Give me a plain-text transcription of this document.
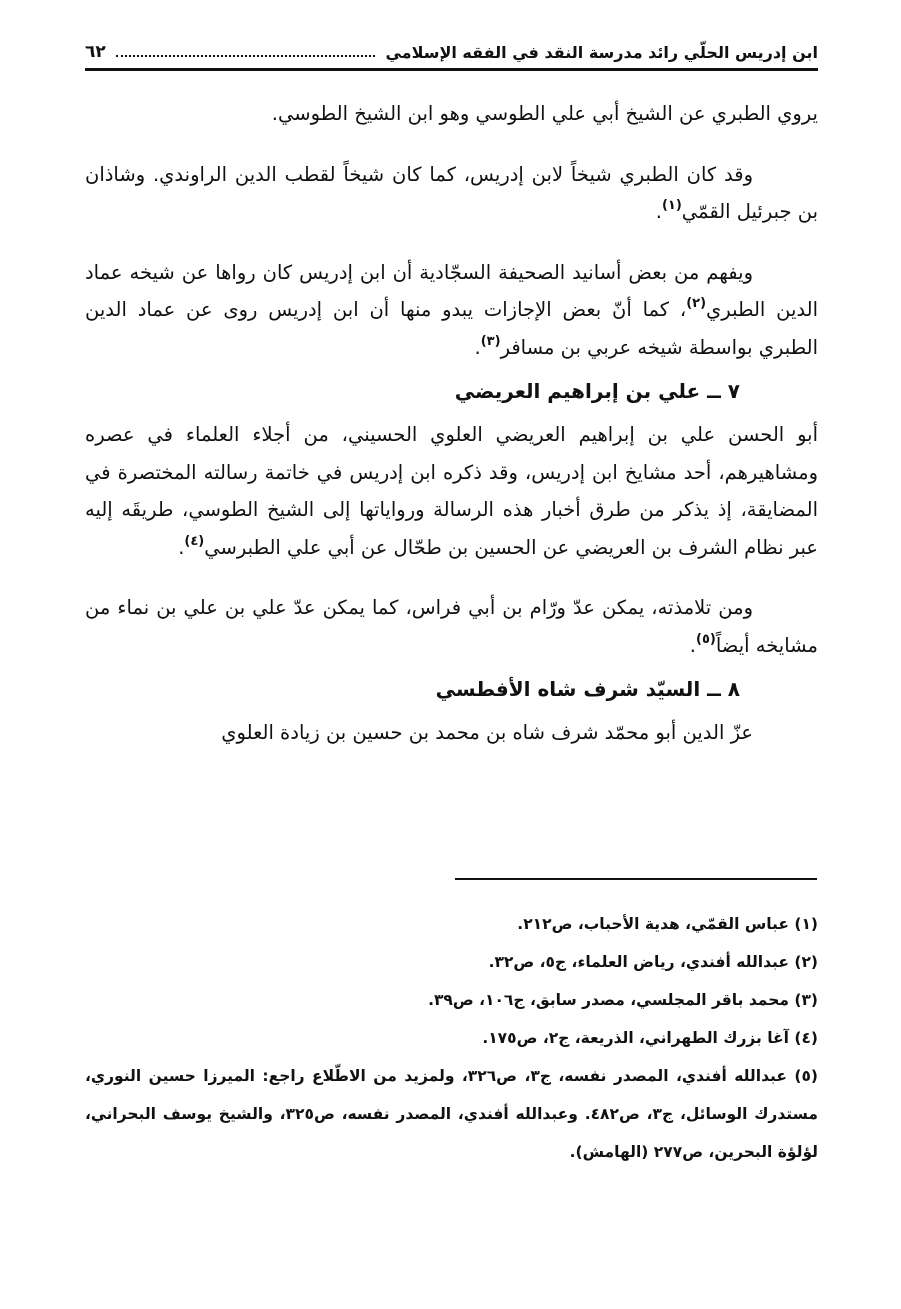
ابن إدريس الحلّي رائد مدرسة النقد في الفقه الإسلامي
٦٢

يروي الطبري عن الشيخ أبي علي الطوسي وهو ابن الشيخ الطوسي.

وقد كان الطبري شيخاً لابن إدريس، كما كان شيخاً لقطب الدين الراوندي. وشاذان بن جبرئيل القمّي$^{(١)}$.

ويفهم من بعض أسانيد الصحيفة السجّادية أن ابن إدريس كان رواها عن شيخه عماد الدين الطبري$^{(٢)}$، كما أنّ بعض الإجازات يبدو منها أن ابن إدريس روى عن عماد الدين الطبري بواسطة شيخه عربي بن مسافر$^{(٣)}$.

٧ ــ علي بن إبراهيم العريضي

أبو الحسن علي بن إبراهيم العريضي العلوي الحسيني، من أجلاء العلماء في عصره ومشاهيرهم، أحد مشايخ ابن إدريس، وقد ذكره ابن إدريس في خاتمة رسالته المختصرة في المضايقة، إذ يذكر من طرق أخبار هذه الرسالة ورواياتها إلى الشيخ الطوسي، طريقَه إليه عبر نظام الشرف بن العريضي عن الحسين بن طحّال عن أبي علي الطبرسي$^{(٤)}$.

ومن تلامذته، يمكن عدّ ورّام بن أبي فراس، كما يمكن عدّ علي بن علي بن نماء من مشايخه أيضاً$^{(٥)}$.

٨ ــ السيّد شرف شاه الأفطسي

عزّ الدين أبو محمّد شرف شاه بن محمد بن حسين بن زيادة العلوي

(١) عباس القمّي، هدية الأحباب، ص٢١٢.

(٢) عبدالله أفندي، رياض العلماء، ج٥، ص٣٢.

(٣) محمد باقر المجلسي، مصدر سابق، ج١٠٦، ص٣٩.

(٤) آغا بزرك الطهراني، الذريعة، ج٢، ص١٧٥.

(٥) عبدالله أفندي، المصدر نفسه، ج٣، ص٣٢٦، ولمزيد من الاطّلاع راجع: الميرزا حسين النوري، مستدرك الوسائل، ج٣، ص٤٨٢. وعبدالله أفندي، المصدر نفسه، ص٣٢٥، والشيخ يوسف البحراني، لؤلؤة البحرين، ص٢٧٧ (الهامش).
